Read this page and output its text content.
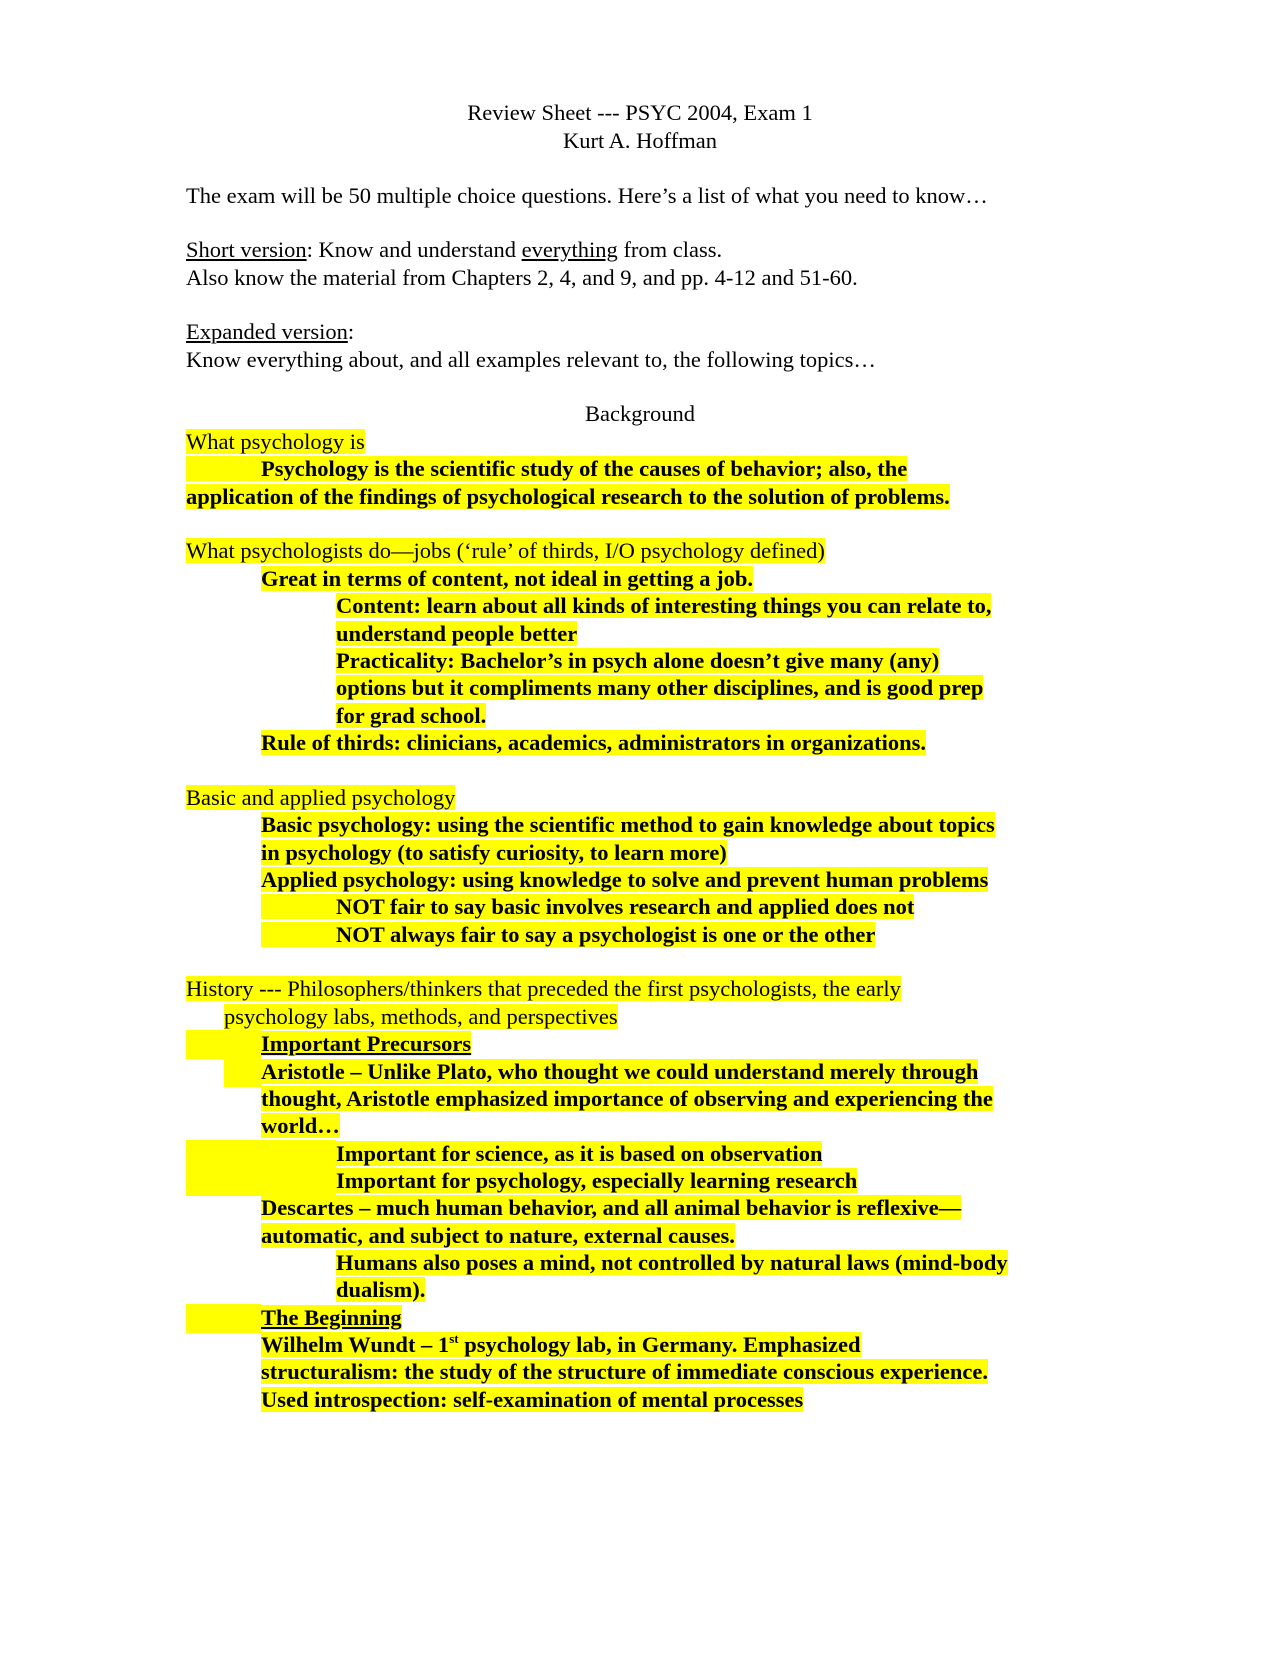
Review Sheet --- PSYC 2004, Exam 1
Kurt A. Hoffman
The exam will be 50 multiple choice questions. Here’s a list of what you need to know…
Short version: Know and understand everything from class.
Also know the material from Chapters 2, 4, and 9, and pp. 4-12 and 51-60.
Expanded version:
Know everything about, and all examples relevant to, the following topics…
Background
What psychology is
Psychology is the scientific study of the causes of behavior; also, the
application of the findings of psychological research to the solution of problems.
What psychologists do—jobs (‘rule’ of thirds, I/O psychology defined)
Great in terms of content, not ideal in getting a job.
Content: learn about all kinds of interesting things you can relate to,
understand people better
Practicality: Bachelor’s in psych alone doesn’t give many (any)
options but it compliments many other disciplines, and is good prep
for grad school.
Rule of thirds: clinicians, academics, administrators in organizations.
Basic and applied psychology
Basic psychology: using the scientific method to gain knowledge about topics
in psychology (to satisfy curiosity, to learn more)
Applied psychology: using knowledge to solve and prevent human problems
NOT fair to say basic involves research and applied does not
NOT always fair to say a psychologist is one or the other
History --- Philosophers/thinkers that preceded the first psychologists, the early
psychology labs, methods, and perspectives
Important Precursors
Aristotle – Unlike Plato, who thought we could understand merely through
thought, Aristotle emphasized importance of observing and experiencing the
world…
Important for science, as it is based on observation
Important for psychology, especially learning research
Descartes – much human behavior, and all animal behavior is reflexive—
automatic, and subject to nature, external causes.
Humans also poses a mind, not controlled by natural laws (mind-body
dualism).
The Beginning
Wilhelm Wundt – 1st psychology lab, in Germany. Emphasized
structuralism: the study of the structure of immediate conscious experience.
Used introspection: self-examination of mental processes
